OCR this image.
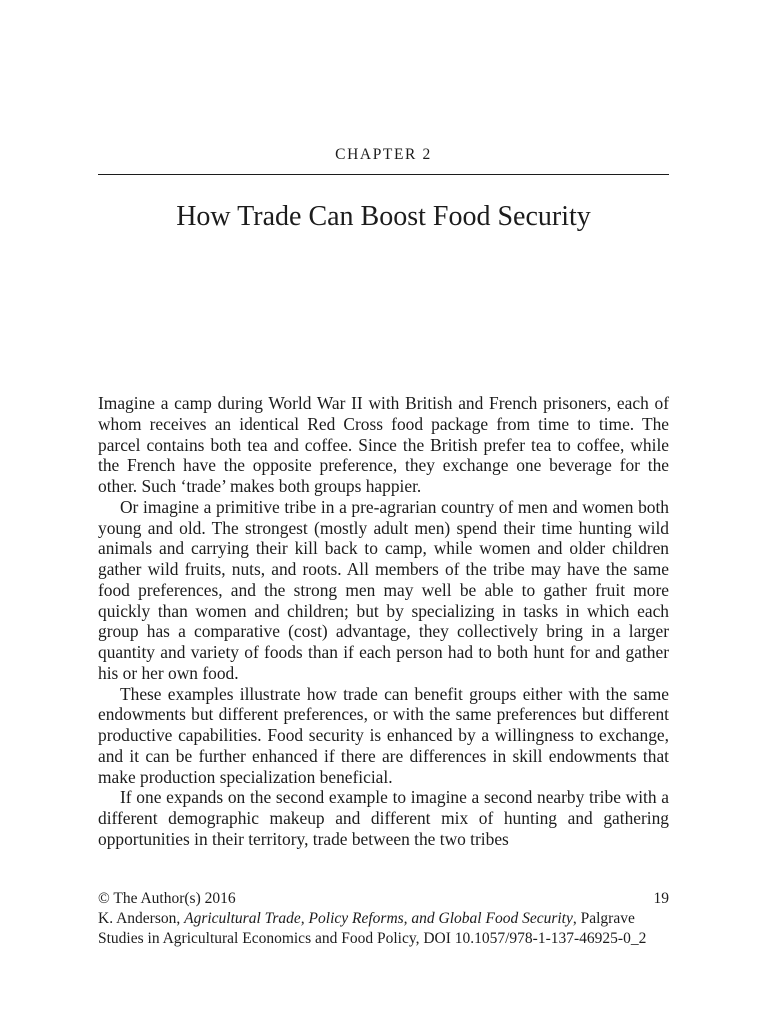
CHAPTER 2
How Trade Can Boost Food Security

Imagine a camp during World War II with British and French prisoners, each of whom receives an identical Red Cross food package from time to time. The parcel contains both tea and coffee. Since the British prefer tea to coffee, while the French have the opposite preference, they exchange one beverage for the other. Such ‘trade’ makes both groups happier.

Or imagine a primitive tribe in a pre-agrarian country of men and women both young and old. The strongest (mostly adult men) spend their time hunting wild animals and carrying their kill back to camp, while women and older children gather wild fruits, nuts, and roots. All members of the tribe may have the same food preferences, and the strong men may well be able to gather fruit more quickly than women and children; but by specializing in tasks in which each group has a comparative (cost) advantage, they collectively bring in a larger quantity and variety of foods than if each person had to both hunt for and gather his or her own food.

These examples illustrate how trade can benefit groups either with the same endowments but different preferences, or with the same preferences but different productive capabilities. Food security is enhanced by a willingness to exchange, and it can be further enhanced if there are differences in skill endowments that make production specialization beneficial.

If one expands on the second example to imagine a second nearby tribe with a different demographic makeup and different mix of hunting and gathering opportunities in their territory, trade between the two tribes

© The Author(s) 2016	19
K. Anderson, Agricultural Trade, Policy Reforms, and Global Food Security, Palgrave Studies in Agricultural Economics and Food Policy, DOI 10.1057/978-1-137-46925-0_2
